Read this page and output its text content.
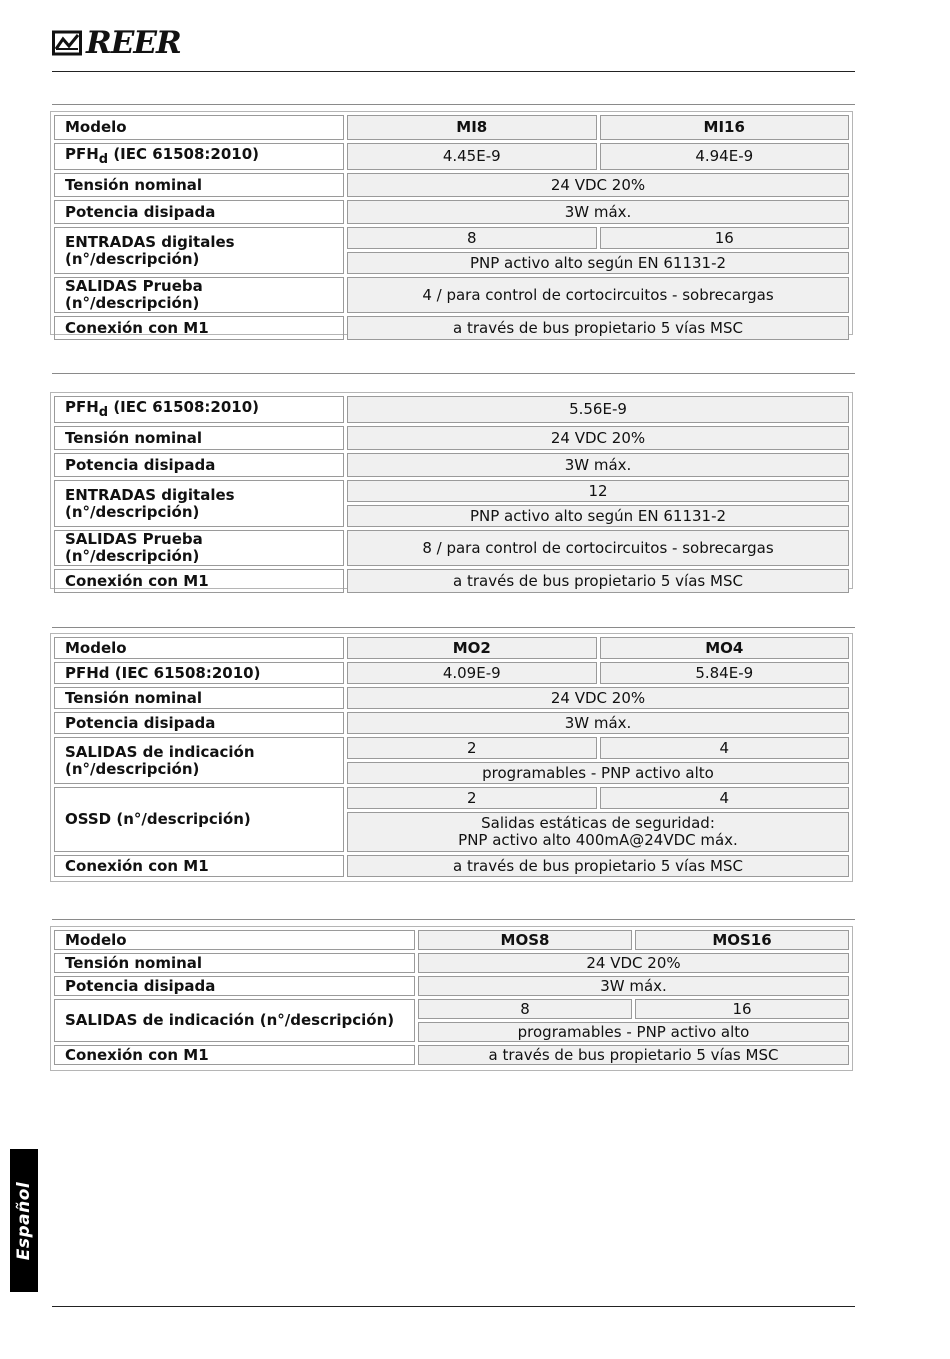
REER
Modelo	MI8	MI16
$PFH_d$ (IEC 61508:2010)	4.45E-9	4.94E-9
Tensión nominal	24 VDC 20%	
Potencia disipada	3W máx.	

ENTRADAS digitales
(n°/descripción)	8	16
	PNP activo alto según EN 61131-2	
SALIDAS Prueba (n°/descripción)	4 / para control de cortocircuitos - sobrecargas	
Conexión con M1	a través de bus propietario 5 vías MSC	
$PFH_d$ (IEC 61508:2010)	5.56E-9
Tensión nominal	24 VDC 20%
Potencia disipada	3W máx.

ENTRADAS digitales
(n°/descripción)	12
	PNP activo alto según EN 61131-2
SALIDAS Prueba (n°/descripción)	8 / para control de cortocircuitos - sobrecargas
Conexión con M1	a través de bus propietario 5 vías MSC
Modelo	MO2	MO4
PFHd (IEC 61508:2010)	4.09E-9	5.84E-9
Tensión nominal	24 VDC 20%	
Potencia disipada	3W máx.	

SALIDAS de indicación
(n°/descripción)	2	4
	programables - PNP activo alto	
OSSD (n°/descripción)	2	4

	Salidas estáticas de seguridad:
PNP activo alto 400mA@24VDC máx.	

Conexión con M1	a través de bus propietario 5 vías MSC	
Modelo	MOS8	MOS16
Tensión nominal	24 VDC 20%	
Potencia disipada	3W máx.	
SALIDAS de indicación (n°/descripción)	8	16
	programables - PNP activo alto	
Conexión con M1	a través de bus propietario 5 vías MSC	
Español
